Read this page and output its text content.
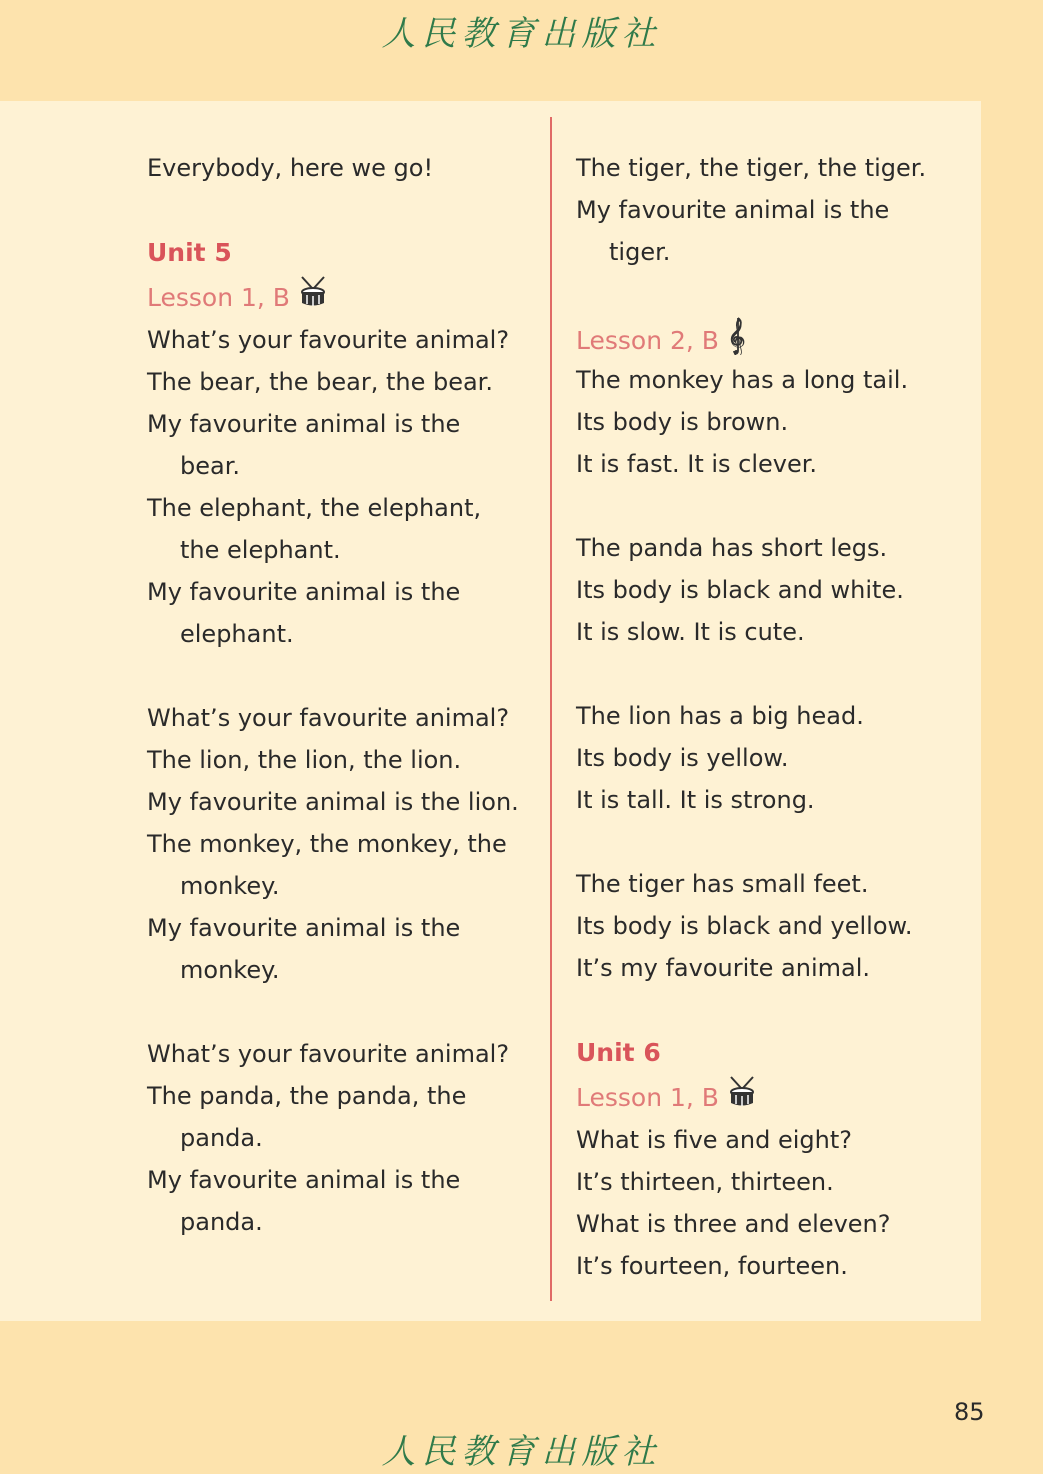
人民教育出版社
Everybody, here we go!
Unit 5
Lesson 1, B
What’s your favourite animal?
The bear, the bear, the bear.
My favourite animal is the
bear.
The elephant, the elephant,
the elephant.
My favourite animal is the
elephant.
What’s your favourite animal?
The lion, the lion, the lion.
My favourite animal is the lion.
The monkey, the monkey, the
monkey.
My favourite animal is the
monkey.
What’s your favourite animal?
The panda, the panda, the
panda.
My favourite animal is the
panda.
The tiger, the tiger, the tiger.
My favourite animal is the
tiger.
Lesson 2, B 𝄞
The monkey has a long tail.
Its body is brown.
It is fast. It is clever.
The panda has short legs.
Its body is black and white.
It is slow. It is cute.
The lion has a big head.
Its body is yellow.
It is tall. It is strong.
The tiger has small feet.
Its body is black and yellow.
It’s my favourite animal.
Unit 6
Lesson 1, B
What is five and eight?
It’s thirteen, thirteen.
What is three and eleven?
It’s fourteen, fourteen.
85
人民教育出版社
